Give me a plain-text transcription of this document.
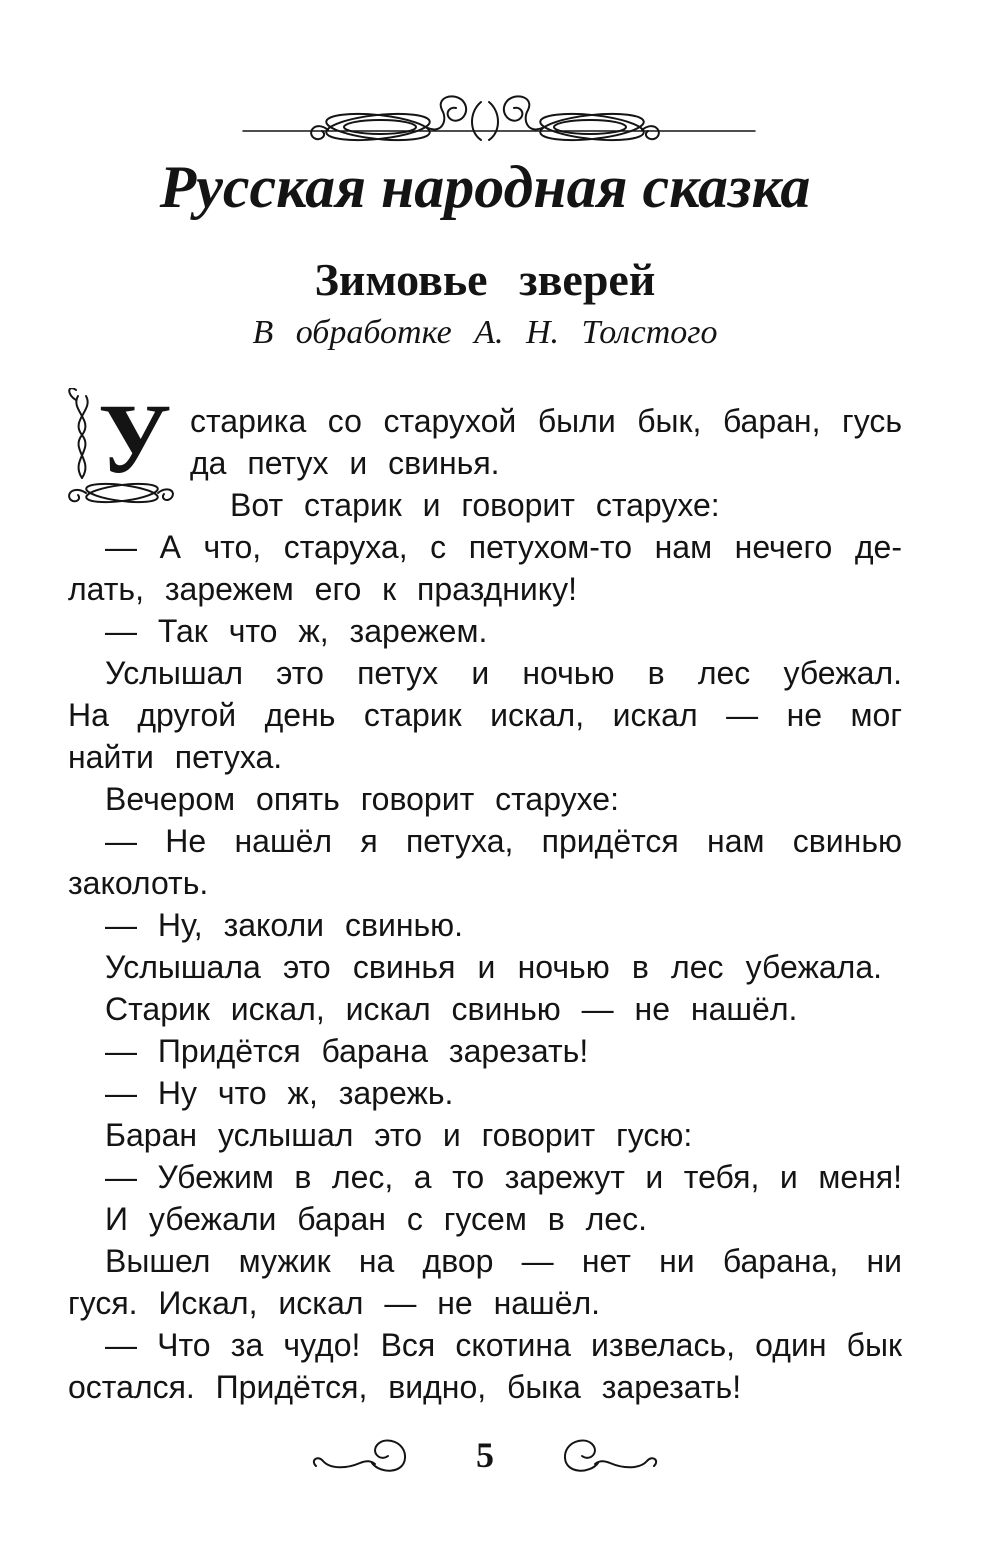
Русская народная сказка
Зимовье зверей
В обработке А. Н. Толстого
У старика со старухой были бык, баран, гусь
да петух и свинья.
Вот старик и говорит старухе:
— А что, старуха, с петухом-то нам нечего де-
лать, зарежем его к празднику!
— Так что ж, зарежем.
Услышал это петух и ночью в лес убежал.
На другой день старик искал, искал — не мог
найти петуха.
Вечером опять говорит старухе:
— Не нашёл я петуха, придётся нам свинью
заколоть.
— Ну, заколи свинью.
Услышала это свинья и ночью в лес убежала.
Старик искал, искал свинью — не нашёл.
— Придётся барана зарезать!
— Ну что ж, зарежь.
Баран услышал это и говорит гусю:
— Убежим в лес, а то зарежут и тебя, и меня!
И убежали баран с гусем в лес.
Вышел мужик на двор — нет ни барана, ни
гуся. Искал, искал — не нашёл.
— Что за чудо! Вся скотина извелась, один бык
остался. Придётся, видно, быка зарезать!
5
